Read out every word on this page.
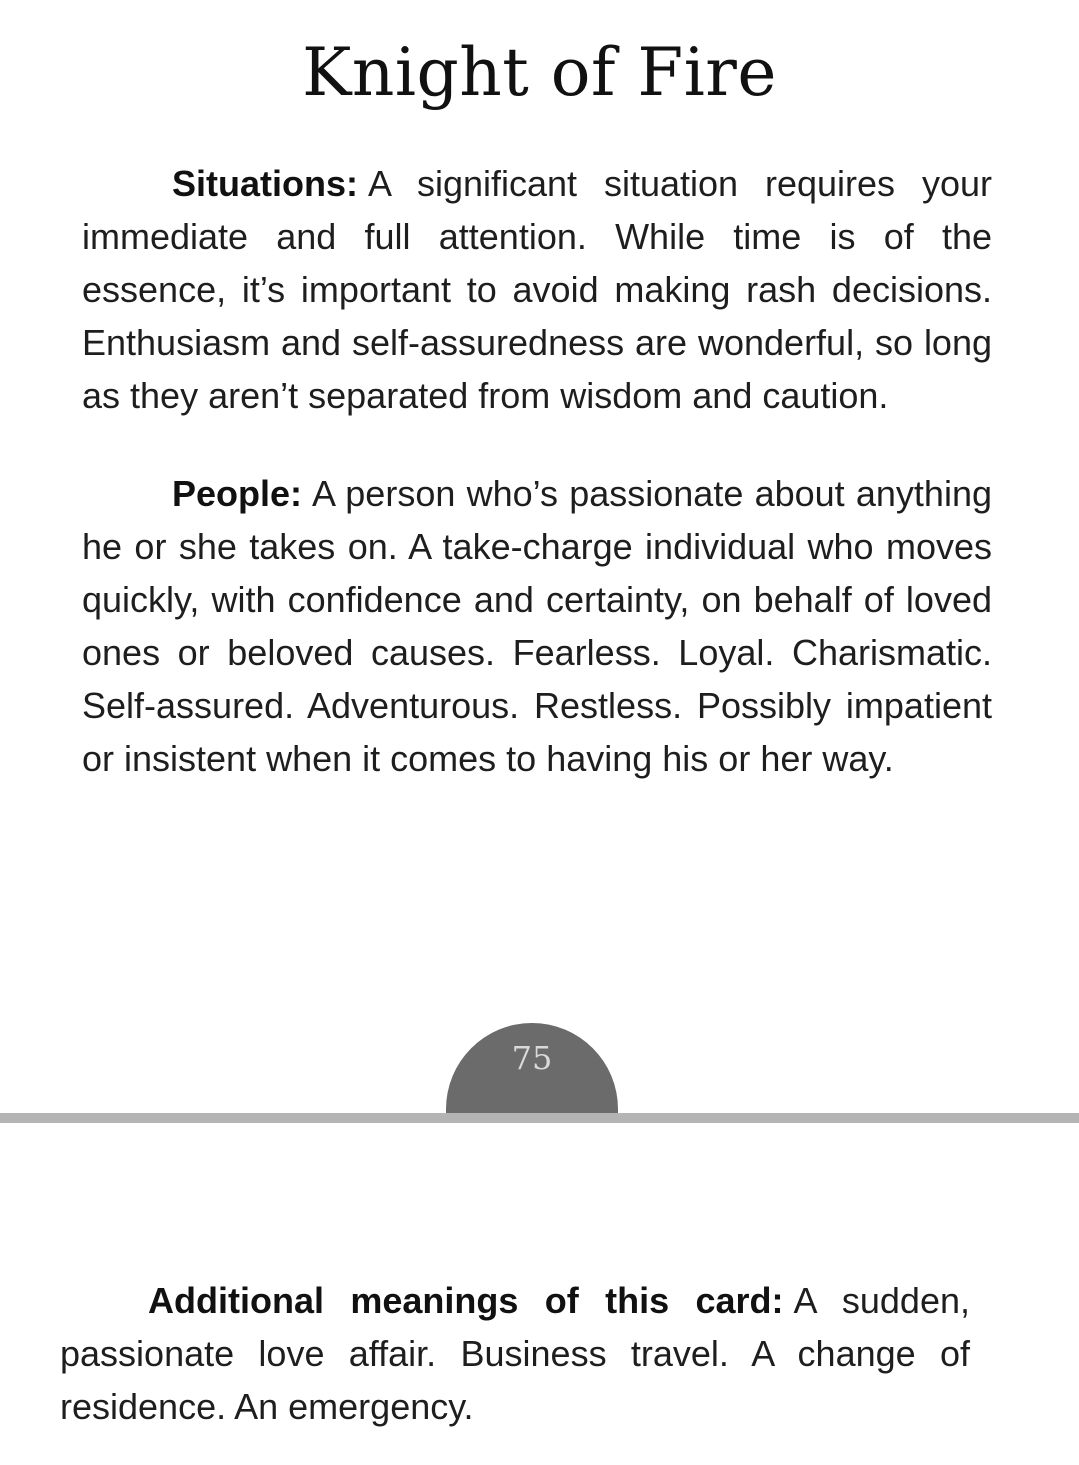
Knight of Fire

Situations: A significant situation requires your immediate and full attention. While time is of the essence, it’s important to avoid making rash decisions. Enthusiasm and self-assuredness are wonderful, so long as they aren’t separated from wisdom and caution.

People: A person who’s passionate about anything he or she takes on. A take-charge individual who moves quickly, with confidence and certainty, on behalf of loved ones or beloved causes. Fearless. Loyal. Charismatic. Self-assured. Adventurous. Restless. Possibly impatient or insistent when it comes to having his or her way.

75

Additional meanings of this card: A sudden, passionate love affair. Business travel. A change of residence. An emergency.
